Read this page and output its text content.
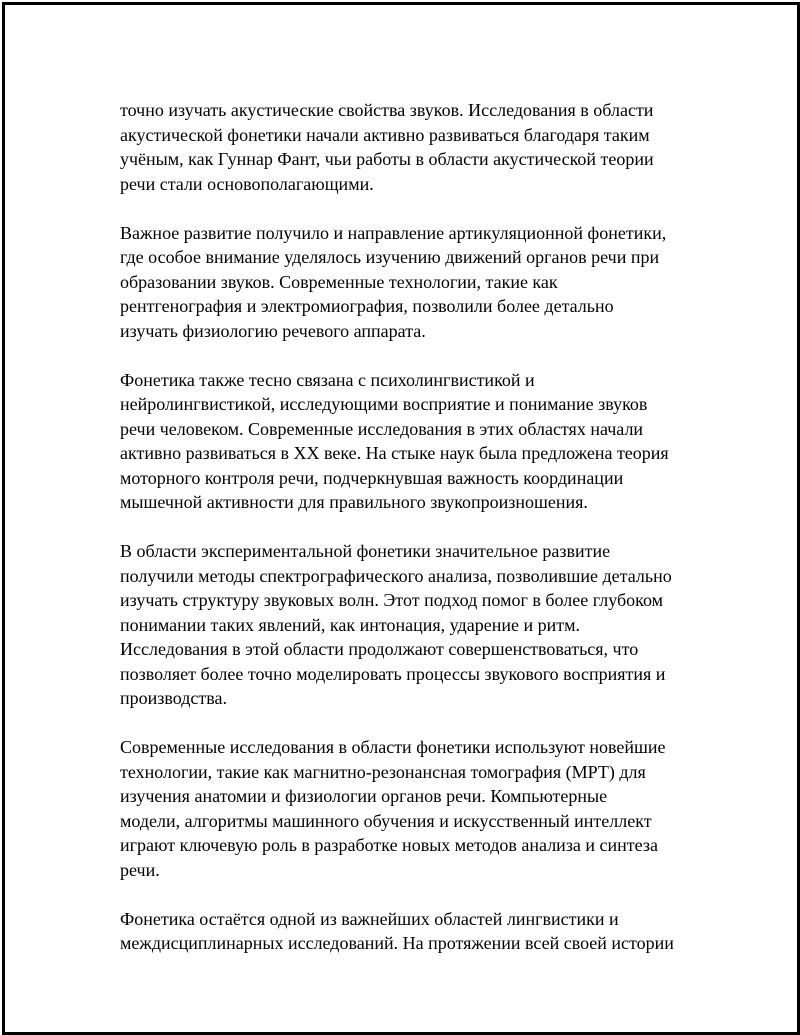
точно изучать акустические свойства звуков. Исследования в области
акустической фонетики начали активно развиваться благодаря таким
учёным, как Гуннар Фант, чьи работы в области акустической теории
речи стали основополагающими.

Важное развитие получило и направление артикуляционной фонетики,
где особое внимание уделялось изучению движений органов речи при
образовании звуков. Современные технологии, такие как
рентгенография и электромиография, позволили более детально
изучать физиологию речевого аппарата.

Фонетика также тесно связана с психолингвистикой и
нейролингвистикой, исследующими восприятие и понимание звуков
речи человеком. Современные исследования в этих областях начали
активно развиваться в XX веке. На стыке наук была предложена теория
моторного контроля речи, подчеркнувшая важность координации
мышечной активности для правильного звукопроизношения.

В области экспериментальной фонетики значительное развитие
получили методы спектрографического анализа, позволившие детально
изучать структуру звуковых волн. Этот подход помог в более глубоком
понимании таких явлений, как интонация, ударение и ритм.
Исследования в этой области продолжают совершенствоваться, что
позволяет более точно моделировать процессы звукового восприятия и
производства.

Современные исследования в области фонетики используют новейшие
технологии, такие как магнитно-резонансная томография (МРТ) для
изучения анатомии и физиологии органов речи. Компьютерные
модели, алгоритмы машинного обучения и искусственный интеллект
играют ключевую роль в разработке новых методов анализа и синтеза
речи.

Фонетика остаётся одной из важнейших областей лингвистики и
междисциплинарных исследований. На протяжении всей своей истории
